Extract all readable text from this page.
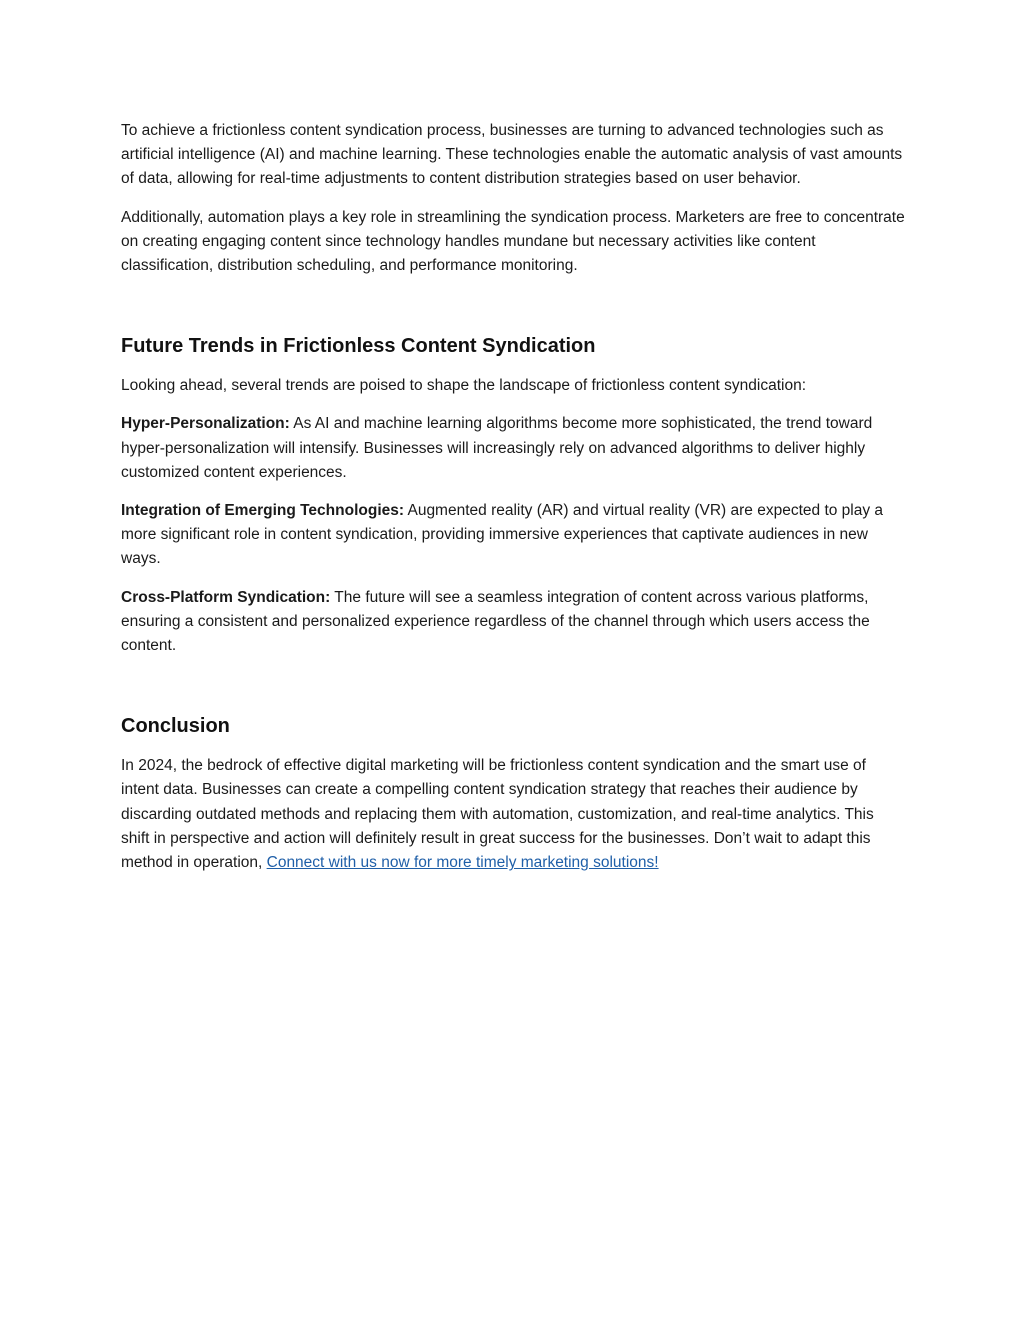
To achieve a frictionless content syndication process, businesses are turning to advanced technologies such as artificial intelligence (AI) and machine learning. These technologies enable the automatic analysis of vast amounts of data, allowing for real-time adjustments to content distribution strategies based on user behavior.

Additionally, automation plays a key role in streamlining the syndication process. Marketers are free to concentrate on creating engaging content since technology handles mundane but necessary activities like content classification, distribution scheduling, and performance monitoring.

Future Trends in Frictionless Content Syndication

Looking ahead, several trends are poised to shape the landscape of frictionless content syndication:

Hyper-Personalization: As AI and machine learning algorithms become more sophisticated, the trend toward hyper-personalization will intensify. Businesses will increasingly rely on advanced algorithms to deliver highly customized content experiences.

Integration of Emerging Technologies: Augmented reality (AR) and virtual reality (VR) are expected to play a more significant role in content syndication, providing immersive experiences that captivate audiences in new ways.

Cross-Platform Syndication: The future will see a seamless integration of content across various platforms, ensuring a consistent and personalized experience regardless of the channel through which users access the content.

Conclusion

In 2024, the bedrock of effective digital marketing will be frictionless content syndication and the smart use of intent data. Businesses can create a compelling content syndication strategy that reaches their audience by discarding outdated methods and replacing them with automation, customization, and real-time analytics. This shift in perspective and action will definitely result in great success for the businesses. Don’t wait to adapt this method in operation, Connect with us now for more timely marketing solutions!
